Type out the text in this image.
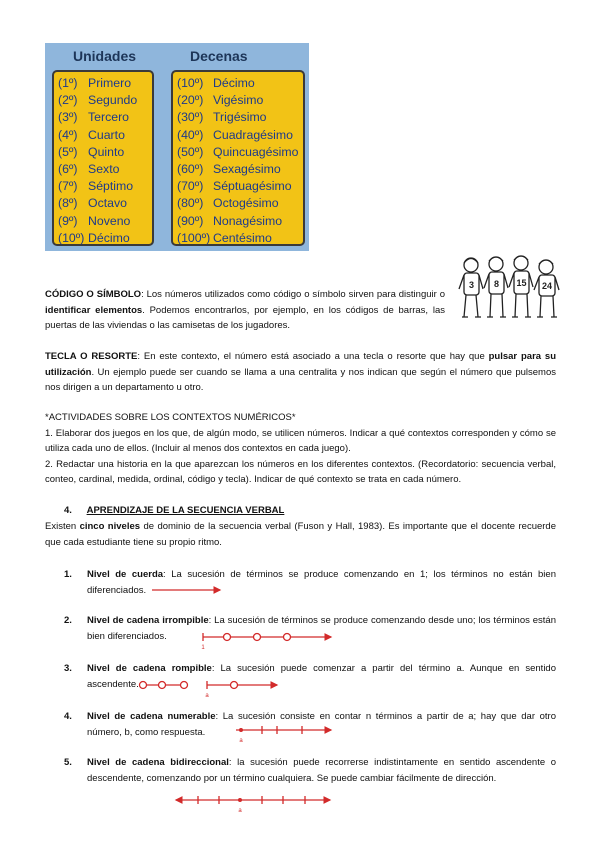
Unidades	Decenas
(1º) Primero
(2º) Segundo
(3º) Tercero
(4º) Cuarto
(5º) Quinto
(6º) Sexto
(7º) Séptimo
(8º) Octavo
(9º) Noveno
(10º) Décimo
(10º) Décimo
(20º) Vigésimo
(30º) Trigésimo
(40º) Cuadragésimo
(50º) Quincuagésimo
(60º) Sexagésimo
(70º) Séptuagésimo
(80º) Octogésimo
(90º) Nonagésimo
(100º) Centésimo
3 8 15 24
CÓDIGO O SÍMBOLO: Los números utilizados como código o símbolo sirven para distinguir o identificar elementos. Podemos encontrarlos, por ejemplo, en los códigos de barras, las puertas de las viviendas o las camisetas de los jugadores.
TECLA O RESORTE: En este contexto, el número está asociado a una tecla o resorte que hay que pulsar para su utilización. Un ejemplo puede ser cuando se llama a una centralita y nos indican que según el número que pulsemos nos dirigen a un departamento u otro.
*ACTIVIDADES SOBRE LOS CONTEXTOS NUMÉRICOS*
1. Elaborar dos juegos en los que, de algún modo, se utilicen números. Indicar a qué contextos corresponden y cómo se utiliza cada uno de ellos. (Incluir al menos dos contextos en cada juego).
2. Redactar una historia en la que aparezcan los números en los diferentes contextos. (Recordatorio: secuencia verbal, conteo, cardinal, medida, ordinal, código y tecla). Indicar de qué contexto se trata en cada número.
4. APRENDIZAJE DE LA SECUENCIA VERBAL
Existen cinco niveles de dominio de la secuencia verbal (Fuson y Hall, 1983). Es importante que el docente recuerde que cada estudiante tiene su propio ritmo.
1. Nivel de cuerda: La sucesión de términos se produce comenzando en 1; los términos no están bien diferenciados.
2. Nivel de cadena irrompible: La sucesión de términos se produce comenzando desde uno; los términos están bien diferenciados.
3. Nivel de cadena rompible: La sucesión puede comenzar a partir del término a. Aunque en sentido ascendente.
4. Nivel de cadena numerable: La sucesión consiste en contar n términos a partir de a; hay que dar otro número, b, como respuesta.
5. Nivel de cadena bidireccional: la sucesión puede recorrerse indistintamente en sentido ascendente o descendente, comenzando por un término cualquiera. Se puede cambiar fácilmente de dirección.
1
a
a
a
